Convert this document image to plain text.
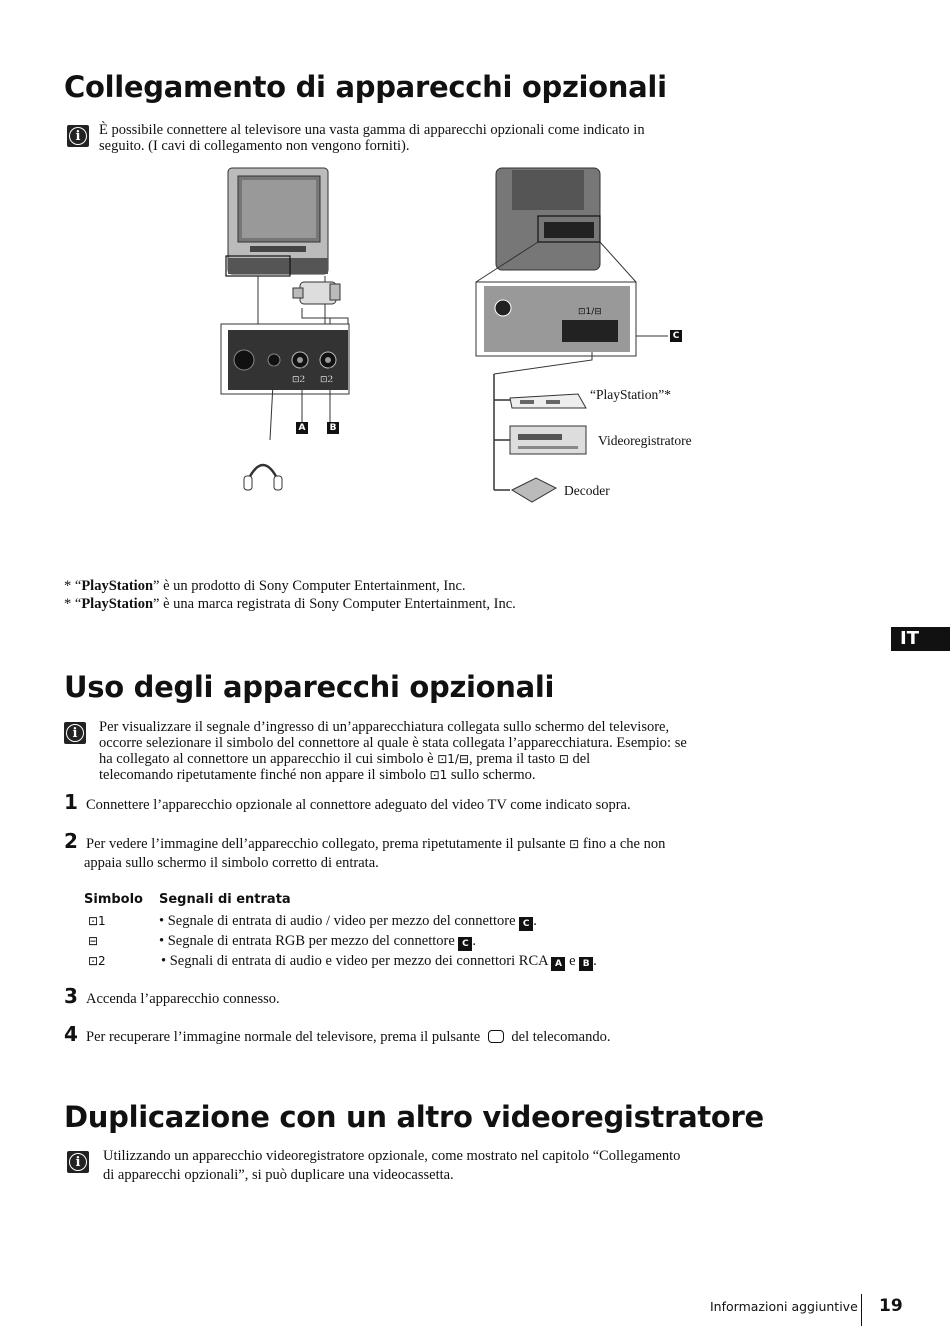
Collegamento di apparecchi opzionali
i	È possibile connettere al televisore una vasta gamma di apparecchi opzionali come indicato in
seguito. (I cavi di collegamento non vengono forniti).
⊡2 ⊡2
⊡1/⊟
A	B
C
“PlayStation”*
Videoregistratore
Decoder
* “PlayStation” è un prodotto di Sony Computer Entertainment, Inc.
* “PlayStation” è una marca registrata di Sony Computer Entertainment, Inc.
IT
Uso degli apparecchi opzionali
i	Per visualizzare il segnale d’ingresso di un’apparecchiatura collegata sullo schermo del televisore,
occorre selezionare il simbolo del connettore al quale è stata collegata l’apparecchiatura. Esempio: se
ha collegato al connettore un apparecchio il cui simbolo è ⊡1/⊟, prema il tasto ⊡ del
telecomando ripetutamente finché non appare il simbolo ⊡1 sullo schermo.
1 Connettere l’apparecchio opzionale al connettore adeguato del video TV come indicato sopra.
2 Per vedere l’immagine dell’apparecchio collegato, prema ripetutamente il pulsante ⊡ fino a che non
appaia sullo schermo il simbolo corretto di entrata.
Simbolo Segnali di entrata
⊡1	• Segnale di entrata di audio / video per mezzo del connettore C .
⊟	• Segnale di entrata RGB per mezzo del connettore C .
⊡2	• Segnali di entrata di audio e video per mezzo dei connettori RCA A e B .
3 Accenda l’apparecchio connesso.
4 Per recuperare l’immagine normale del televisore, prema il pulsante del telecomando.
Duplicazione con un altro videoregistratore
i	Utilizzando un apparecchio videoregistratore opzionale, come mostrato nel capitolo “Collegamento
di apparecchi opzionali”, si può duplicare una videocassetta.
Informazioni aggiuntive 19
